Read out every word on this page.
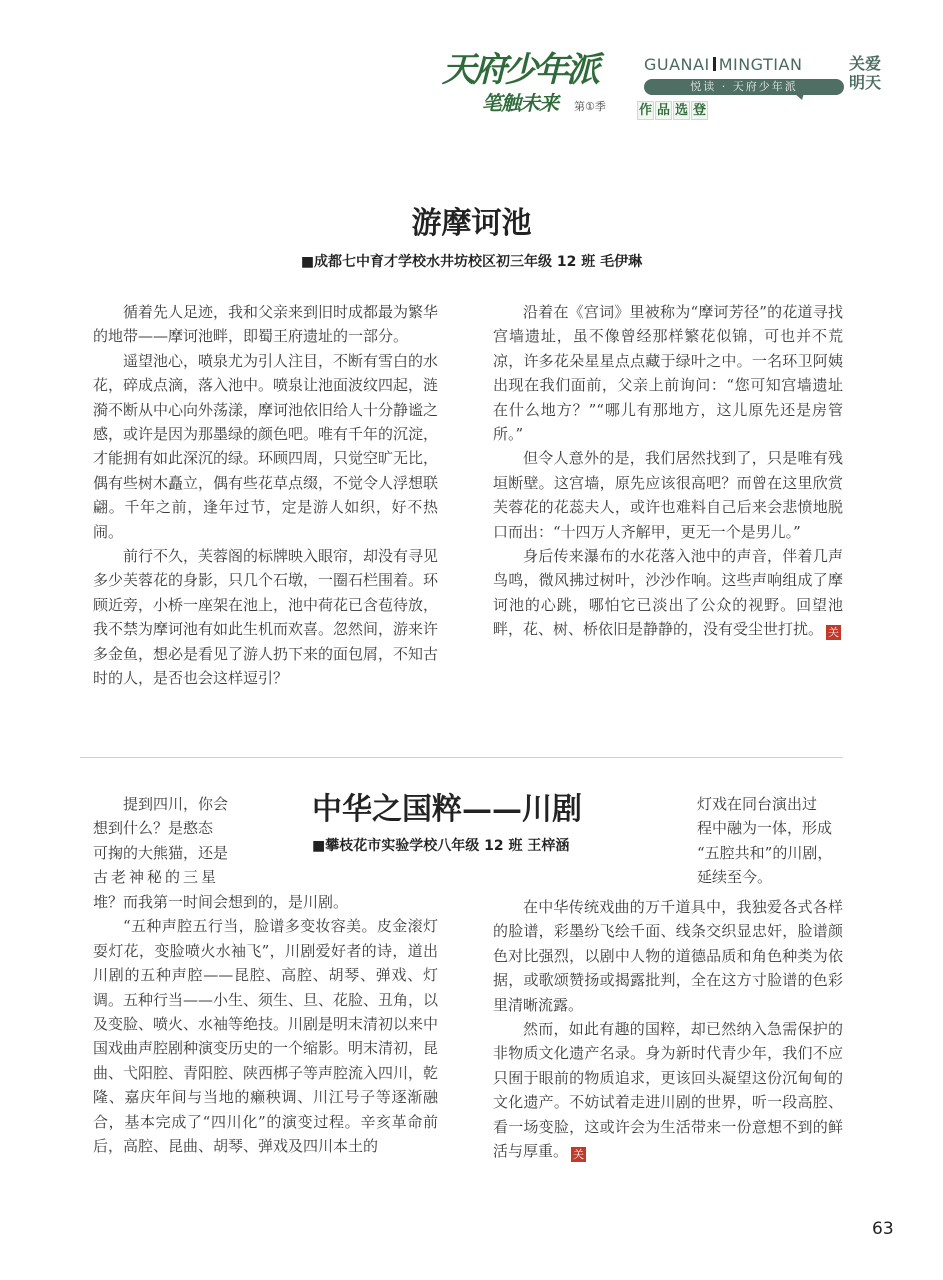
天府少年派
笔触未来 第①季
GUANAI MINGTIAN
悦读 · 天府少年派
作 品 选 登
关爱
明天
游摩诃池
■成都七中育才学校水井坊校区初三年级 12 班 毛伊琳

循着先人足迹，我和父亲来到旧时成都最为繁华的地带——摩诃池畔，即蜀王府遗址的一部分。

遥望池心，喷泉尤为引人注目，不断有雪白的水花，碎成点滴，落入池中。喷泉让池面波纹四起，涟漪不断从中心向外荡漾，摩诃池依旧给人十分静谧之感，或许是因为那墨绿的颜色吧。唯有千年的沉淀，才能拥有如此深沉的绿。环顾四周，只觉空旷无比，偶有些树木矗立，偶有些花草点缀，不觉令人浮想联翩。千年之前，逢年过节，定是游人如织，好不热闹。

前行不久，芙蓉阁的标牌映入眼帘，却没有寻见多少芙蓉花的身影，只几个石墩，一圈石栏围着。环顾近旁，小桥一座架在池上，池中荷花已含苞待放，我不禁为摩诃池有如此生机而欢喜。忽然间，游来许多金鱼，想必是看见了游人扔下来的面包屑，不知古时的人，是否也会这样逗引？

沿着在《宫词》里被称为“摩诃芳径”的花道寻找宫墙遗址，虽不像曾经那样繁花似锦，可也并不荒凉，许多花朵星星点点藏于绿叶之中。一名环卫阿姨出现在我们面前，父亲上前询问：“您可知宫墙遗址在什么地方？”“哪儿有那地方，这儿原先还是房管所。”

但令人意外的是，我们居然找到了，只是唯有残垣断壁。这宫墙，原先应该很高吧？而曾在这里欣赏芙蓉花的花蕊夫人，或许也难料自己后来会悲愤地脱口而出：“十四万人齐解甲，更无一个是男儿。”

身后传来瀑布的水花落入池中的声音，伴着几声鸟鸣，微风拂过树叶，沙沙作响。这些声响组成了摩诃池的心跳，哪怕它已淡出了公众的视野。回望池畔，花、树、桥依旧是静静的，没有受尘世打扰。 关

中华之国粹——川剧
■攀枝花市实验学校八年级 12 班 王梓涵
提到四川，你会
想到什么？是憨态
可掬的大熊猫，还是
古老神秘的三星

堆？而我第一时间会想到的，是川剧。

“五种声腔五行当，脸谱多变妆容美。皮金滚灯耍灯花，变脸喷火水袖飞”，川剧爱好者的诗，道出川剧的五种声腔——昆腔、高腔、胡琴、弹戏、灯调。五种行当——小生、须生、旦、花脸、丑角，以及变脸、喷火、水袖等绝技。川剧是明末清初以来中国戏曲声腔剧种演变历史的一个缩影。明末清初，昆曲、弋阳腔、青阳腔、陕西梆子等声腔流入四川，乾隆、嘉庆年间与当地的癞秧调、川江号子等逐渐融合，基本完成了“四川化”的演变过程。辛亥革命前后，高腔、昆曲、胡琴、弹戏及四川本土的

灯戏在同台演出过
程中融为一体，形成
“五腔共和”的川剧，
延续至今。

在中华传统戏曲的万千道具中，我独爱各式各样的脸谱，彩墨纷飞绘千面、线条交织显忠奸，脸谱颜色对比强烈，以剧中人物的道德品质和角色种类为依据，或歌颂赞扬或揭露批判，全在这方寸脸谱的色彩里清晰流露。

然而，如此有趣的国粹，却已然纳入急需保护的非物质文化遗产名录。身为新时代青少年，我们不应只囿于眼前的物质追求，更该回头凝望这份沉甸甸的文化遗产。不妨试着走进川剧的世界，听一段高腔、看一场变脸，这或许会为生活带来一份意想不到的鲜活与厚重。 关

63
